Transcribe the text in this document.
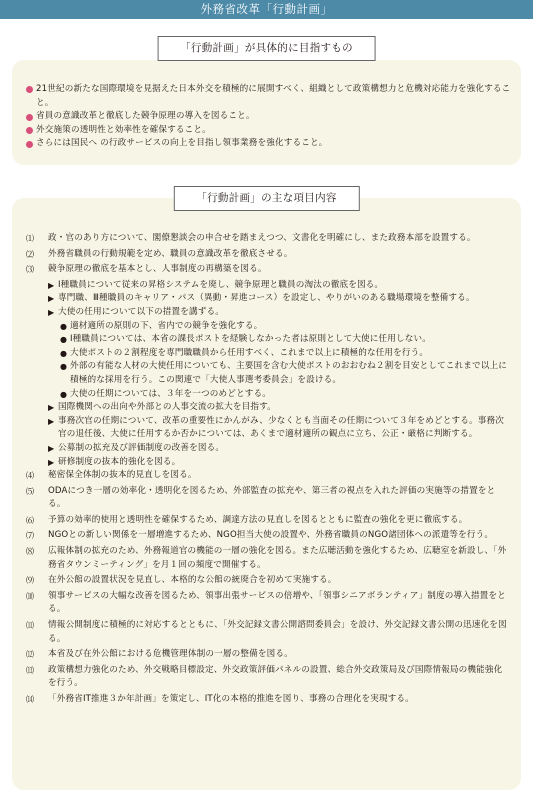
外務省改革「行動計画」
「行動計画」が具体的に目指すもの
21世紀の新たな国際環境を見据えた日本外交を積極的に展開すべく、組織として政策構想力と危機対応能力を強化すること。
省員の意識改革と徹底した競争原理の導入を図ること。
外交施策の透明性と効率性を確保すること。
さらには国民へ の行政サービスの向上を目指し領事業務を強化すること。
「行動計画」の主な項目内容
⑴ 政・官のあり方について、閣僚懇談会の申合せを踏まえつつ、文書化を明確にし、また政務本部を設置する。
⑵ 外務省職員の行動規範を定め、職員の意識改革を徹底させる。
⑶ 競争原理の徹底を基本とし、人事制度の再構築を図る。
▶ Ⅰ種職員について従来の昇格システムを廃し、競争原理と職員の淘汰の徹底を図る。
▶ 専門職、Ⅲ種職員のキャリア・パス（異動・昇進コース）を設定し、やりがいのある職場環境を整備する。
▶ 大使の任用について以下の措置を講ずる。
● 適材適所の原則の下、省内での競争を強化する。
● Ⅰ種職員については、本省の課長ポストを経験しなかった者は原則として大使に任用しない。
● 大使ポストの２割程度を専門職職員から任用すべく、これまで以上に積極的な任用を行う。
● 外部の有能な人材の大使任用についても、主要国を含む大使ポストのおおむね２割を目安としてこれまで以上に積極的な採用を行う。この関連で「大使人事選考委員会」を設ける。
● 大使の任期については、３年を一つのめどとする。
▶ 国際機関への出向や外部との人事交流の拡大を目指す。
▶ 事務次官の任期について、改革の重要性にかんがみ、少なくとも当面その任期について３年をめどとする。事務次官の退任後、大使に任用するか否かについては、あくまで適材適所の観点に立ち、公正・厳格に判断する。
▶ 公募制の拡充及び評価制度の改善を図る。
▶ 研修制度の抜本的強化を図る。
⑷ 秘密保全体制の抜本的見直しを図る。
⑸ ODAにつき一層の効率化・透明化を図るため、外部監査の拡充や、第三者の視点を入れた評価の実施等の措置をとる。
⑹ 予算の効率的使用と透明性を確保するため、調達方法の見直しを図るとともに監査の強化を更に徹底する。
⑺ NGOとの新しい関係を一層増進するため、NGO担当大使の設置や、外務省職員のNGO諸団体への派遣等を行う。
⑻ 広報体制の拡充のため、外務報道官の機能の一層の強化を図る。また広聴活動を強化するため、広聴室を新設し、「外務省タウンミーティング」を月１回の頻度で開催する。
⑼ 在外公館の設置状況を見直し、本格的な公館の統廃合を初めて実施する。
⑽ 領事サービスの大幅な改善を図るため、領事出張サービスの倍増や、「領事シニアボランティア」制度の導入措置をとる。
⑾ 情報公開制度に積極的に対応するとともに、「外交記録文書公開諮問委員会」を設け、外交記録文書公開の迅速化を図る。
⑿ 本省及び在外公館における危機管理体制の一層の整備を図る。
⒀ 政策構想力強化のため、外交戦略目標設定、外交政策評価パネルの設置、総合外交政策局及び国際情報局の機能強化を行う。
⒁ 「外務省IT推進３か年計画」を策定し、IT化の本格的推進を図り、事務の合理化を実現する。
